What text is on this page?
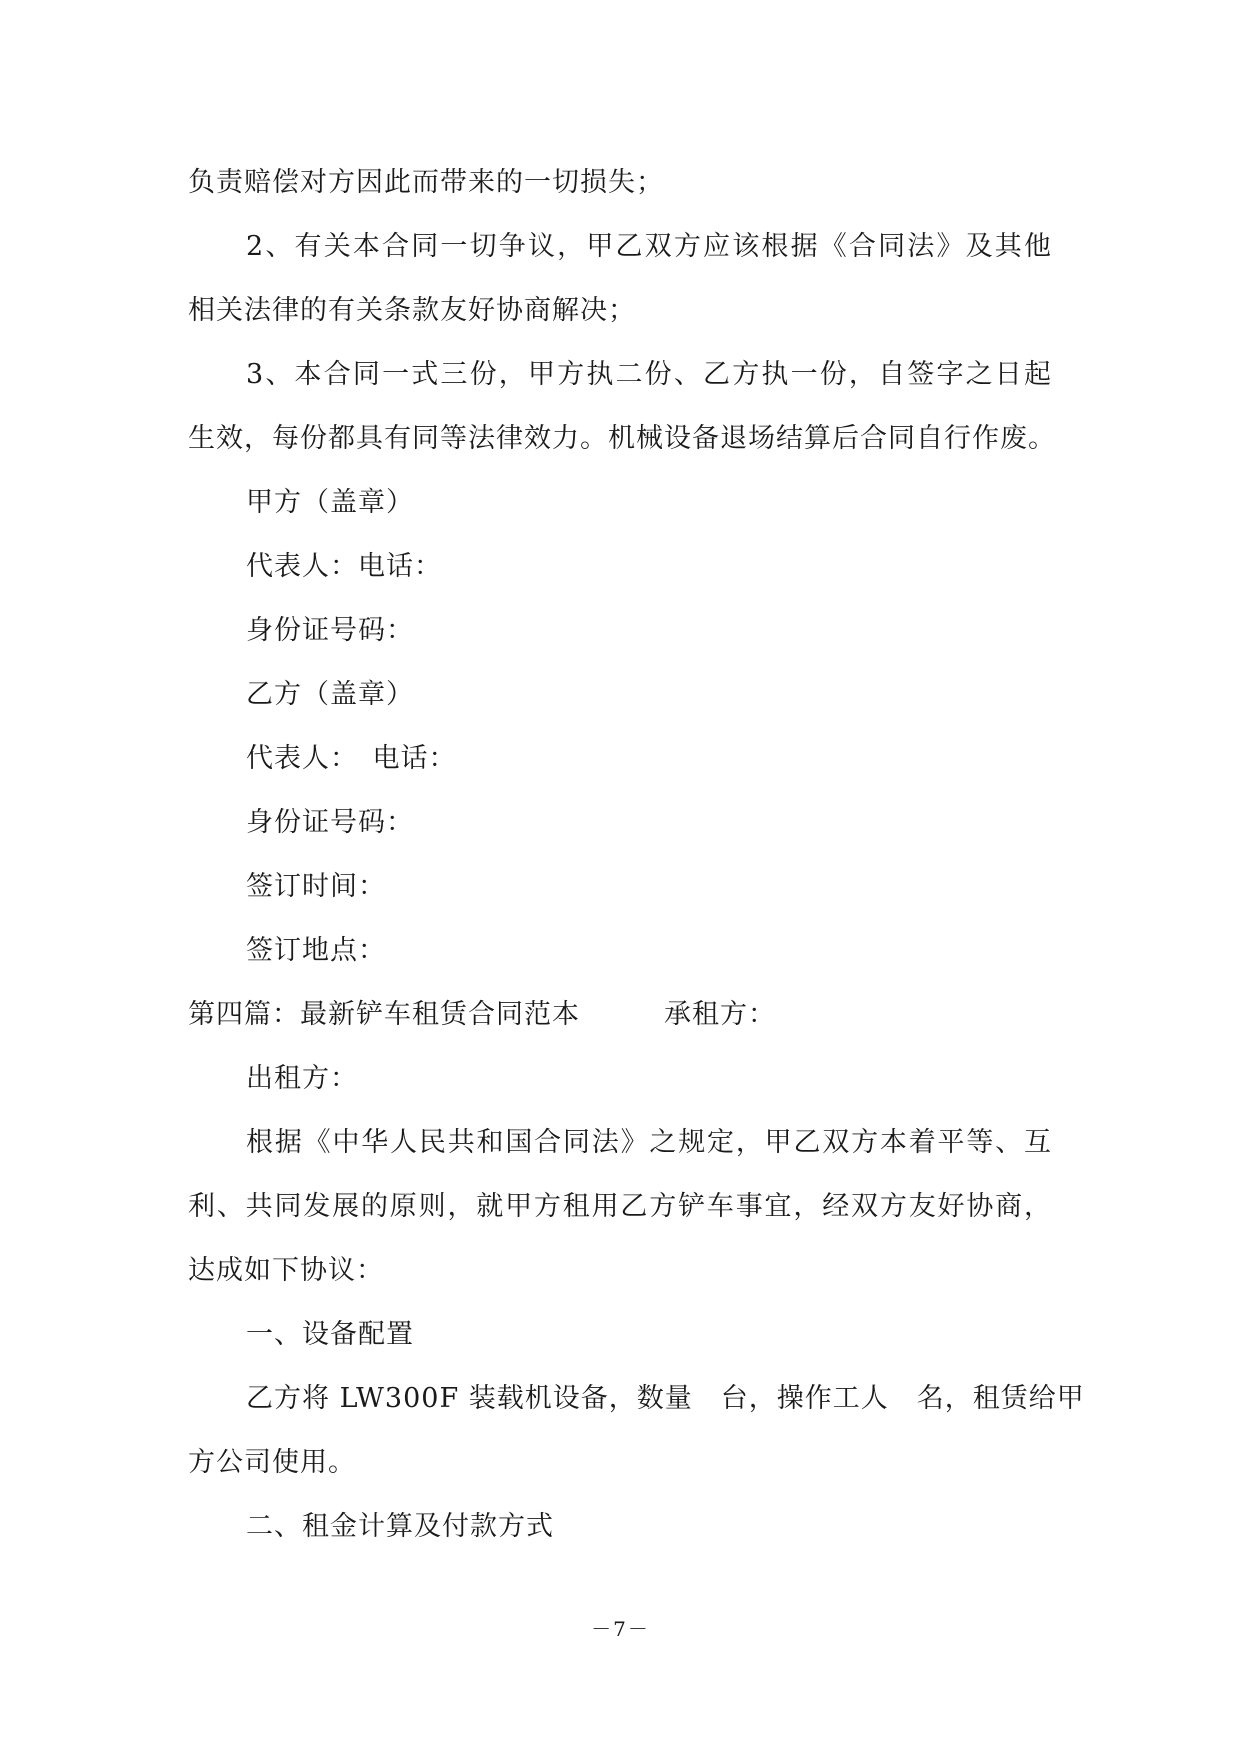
负责赔偿对方因此而带来的一切损失；
2、有关本合同一切争议，甲乙双方应该根据《合同法》及其他
相关法律的有关条款友好协商解决；
3、本合同一式三份，甲方执二份、乙方执一份，自签字之日起
生效，每份都具有同等法律效力。机械设备退场结算后合同自行作废。
甲方（盖章）
代表人：电话：
身份证号码：
乙方（盖章）
代表人：　电话：
身份证号码：
签订时间：
签订地点：
第四篇：最新铲车租赁合同范本　　　承租方：
出租方：
根据《中华人民共和国合同法》之规定，甲乙双方本着平等、互
利、共同发展的原则，就甲方租用乙方铲车事宜，经双方友好协商，
达成如下协议：
一、设备配置
乙方将 LW300F 装载机设备，数量　台，操作工人　名，租赁给甲
方公司使用。
二、租金计算及付款方式
－7－
